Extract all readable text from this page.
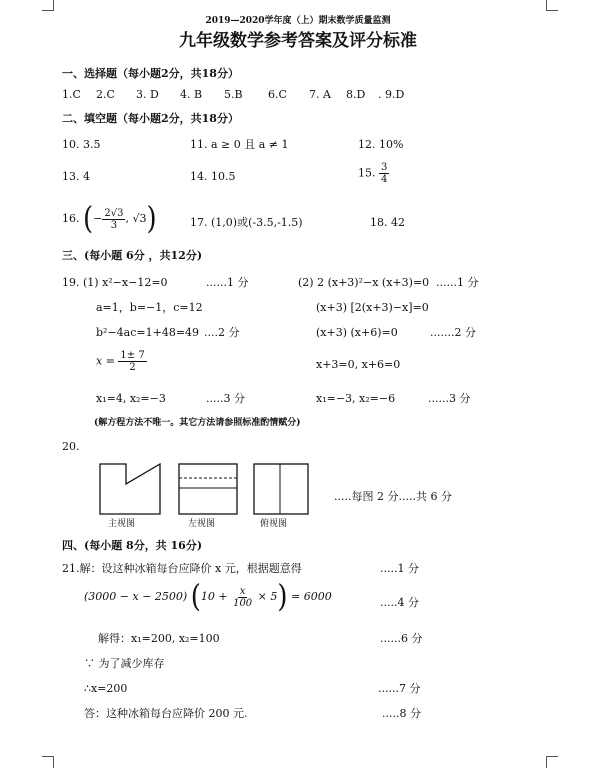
2019—2020学年度（上）期末数学质量监测
九年级数学参考答案及评分标准
一、选择题（每小题2分，共18分）
1.C 2.C 3. D 4. B 5.B 6.C 7. A 8.D . 9.D
二、填空题（每小题2分，共18分）
10. 3.5	11. a ≥ 0 且 a ≠ 1	12. 10%
13. 4	14. 10.5	15. $\frac{3}{4}$
16. (− $\frac{2√3}{3}$ , √3)	17. (1,0)或(-3.5,-1.5)	18. 42
三、(每小题 6分 ，共12分)
19. (1) x²−x−12=0	......1 分
a=1，b=−1，c=12
b²−4ac=1+48=49 ....2 分
$x = \frac{1\pm 7}{2}$
x₁=4, x₂=−3	.....3 分
(2) 2 (x+3)²−x (x+3)=0 ......1 分
(x+3) [2(x+3)−x]=0
(x+3) (x+6)=0	.......2 分
x+3=0, x+6=0
x₁=−3, x₂=−6	......3 分
(解方程方法不唯一。其它方法请参照标准酌情赋分)
20.
主视图	左视图	俯视图
.....每图 2 分.....共 6 分
四、(每小题 8分，共 16分)
21.解：设这种冰箱每台应降价 x 元，根据题意得	.....1 分
(3000 − x − 2500) $(10 + \frac{x}{100} \times 5) = 6000$	.....4 分
解得：x₁=200, x₂=100	......6 分
∵ 为了减少库存
∴x=200	......7 分
答：这种冰箱每台应降价 200 元.	.....8 分
